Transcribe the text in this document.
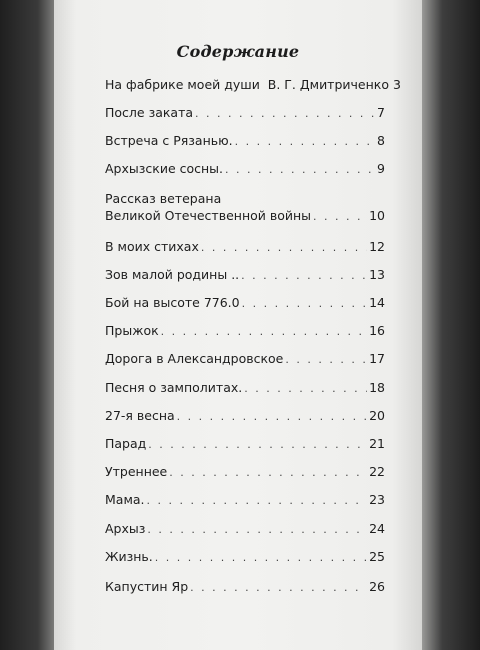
Содержание
На фабрике моей души  В. Г. Дмитриченко 3
После заката . . .	7
Встреча с Рязанью. . . .	8
Архызские сосны. . . .	9
Рассказ ветерана
Великой Отечественной войны . . .	10
В моих стихах . . .	12
Зов малой родины .. . . .	13
Бой на высоте 776.0 . . .	14
Прыжок . . .	16
Дорога в Александровское . . .	17
Песня о замполитах. . . .	18
27-я весна . . .	20
Парад . . .	21
Утреннее . . .	22
Мама. . . .	23
Архыз . . .	24
Жизнь. . . .	25
Капустин Яр . . .	26
